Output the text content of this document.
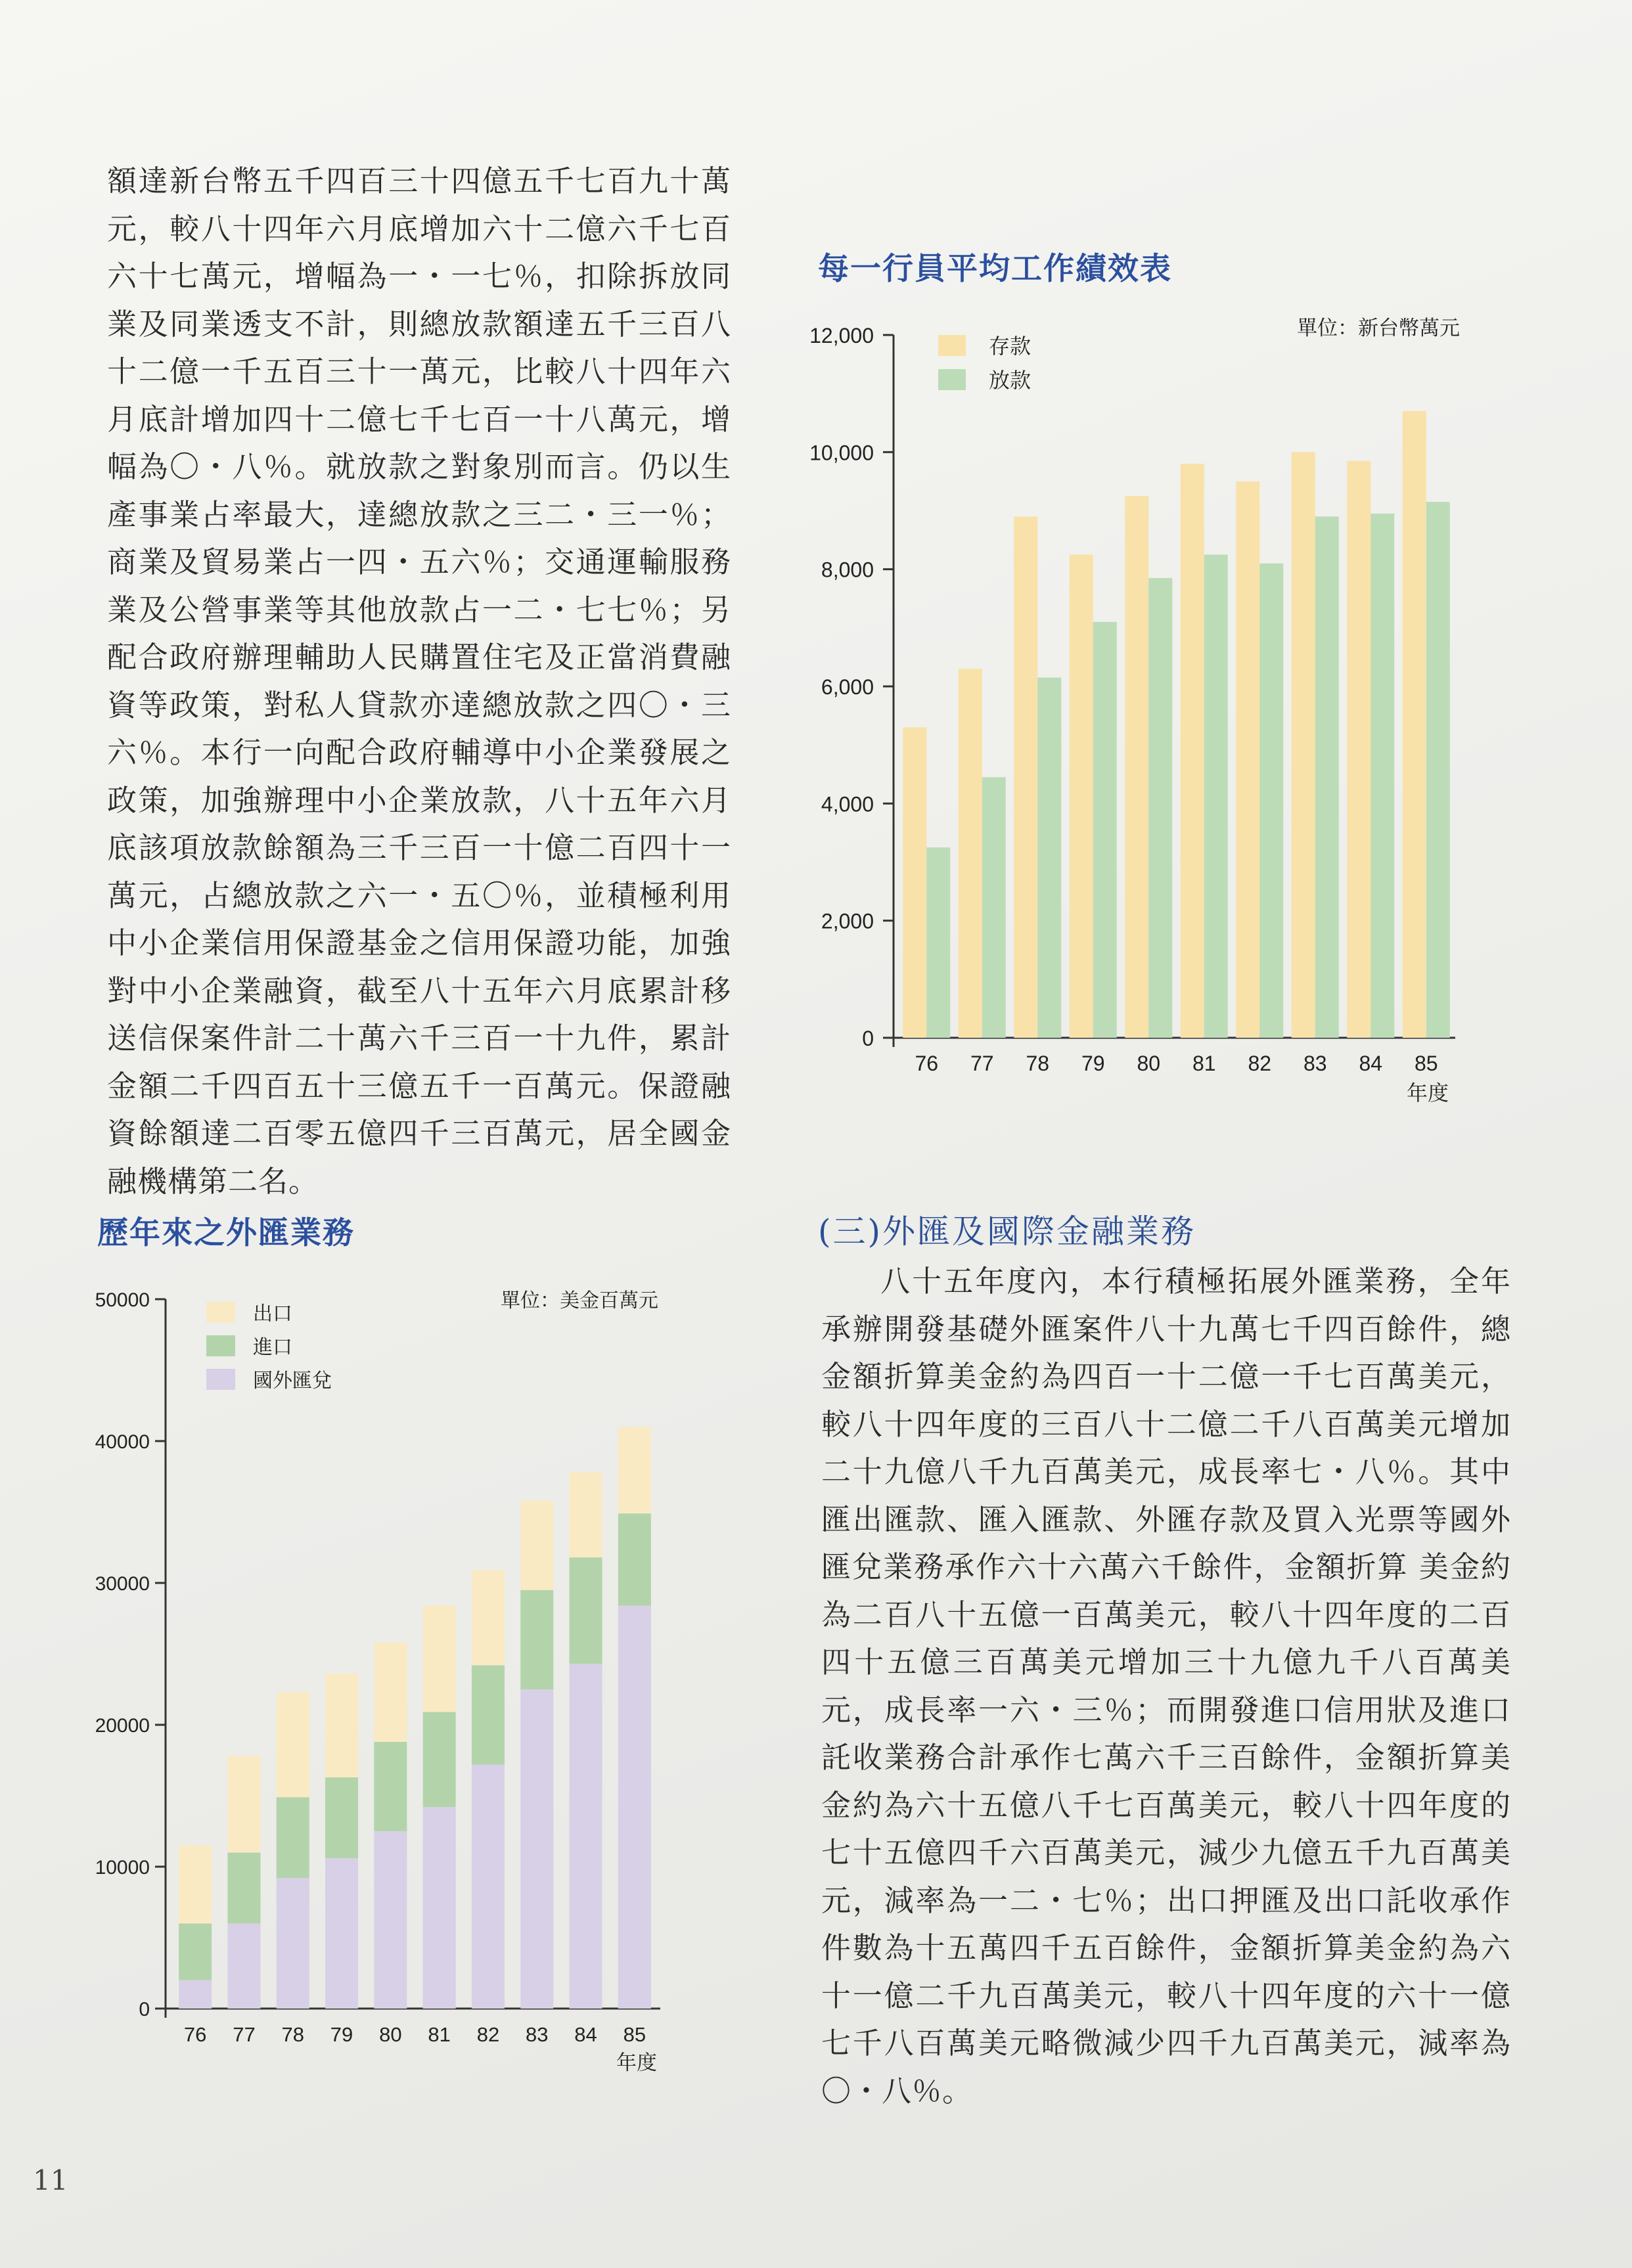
額達新台幣五千四百三十四億五千七百九十萬元，較八十四年六月底增加六十二億六千七百六十七萬元，增幅為一・一七％，扣除拆放同業及同業透支不計，則總放款額達五千三百八十二億一千五百三十一萬元，比較八十四年六月底計增加四十二億七千七百一十八萬元，增幅為〇・八％。就放款之對象別而言。仍以生產事業占率最大，達總放款之三二・三一％；商業及貿易業占一四・五六％；交通運輸服務業及公營事業等其他放款占一二・七七％；另配合政府辦理輔助人民購置住宅及正當消費融資等政策，對私人貸款亦達總放款之四〇・三六％。本行一向配合政府輔導中小企業發展之政策，加強辦理中小企業放款，八十五年六月底該項放款餘額為三千三百一十億二百四十一萬元，占總放款之六一・五〇％，並積極利用中小企業信用保證基金之信用保證功能，加強對中小企業融資，截至八十五年六月底累計移送信保案件計二十萬六千三百一十九件，累計金額二千四百五十三億五千一百萬元。保證融資餘額達二百零五億四千三百萬元，居全國金融機構第二名。

每一行員平均工作績效表
歷年來之外匯業務	(三)外匯及國際金融業務

八十五年度內，本行積極拓展外匯業務，全年承辦開發基礎外匯案件八十九萬七千四百餘件，總金額折算美金約為四百一十二億一千七百萬美元，較八十四年度的三百八十二億二千八百萬美元增加二十九億八千九百萬美元，成長率七・八％。其中匯出匯款、匯入匯款、外匯存款及買入光票等國外匯兌業務承作六十六萬六千餘件，金額折算 美金約為二百八十五億一百萬美元，較八十四年度的二百四十五億三百萬美元增加三十九億九千八百萬美元，成長率一六・三％；而開發進口信用狀及進口託收業務合計承作七萬六千三百餘件，金額折算美金約為六十五億八千七百萬美元，較八十四年度的七十五億四千六百萬美元，減少九億五千九百萬美元，減率為一二・七％；出口押匯及出口託收承作件數為十五萬四千五百餘件，金額折算美金約為六十一億二千九百萬美元，較八十四年度的六十一億七千八百萬美元略微減少四千九百萬美元，減率為〇・八％。

0
2,000
4,000
6,000
8,000
10,000
12,000
76 77 78 79 80 81 82 83 84 85
年度
單位：新台幣萬元
存款
放款
0
10000
20000
30000
40000
50000
76 77 78 79 80 81 82 83 84 85
年度
單位：美金百萬元
出口
進口
國外匯兌
11
